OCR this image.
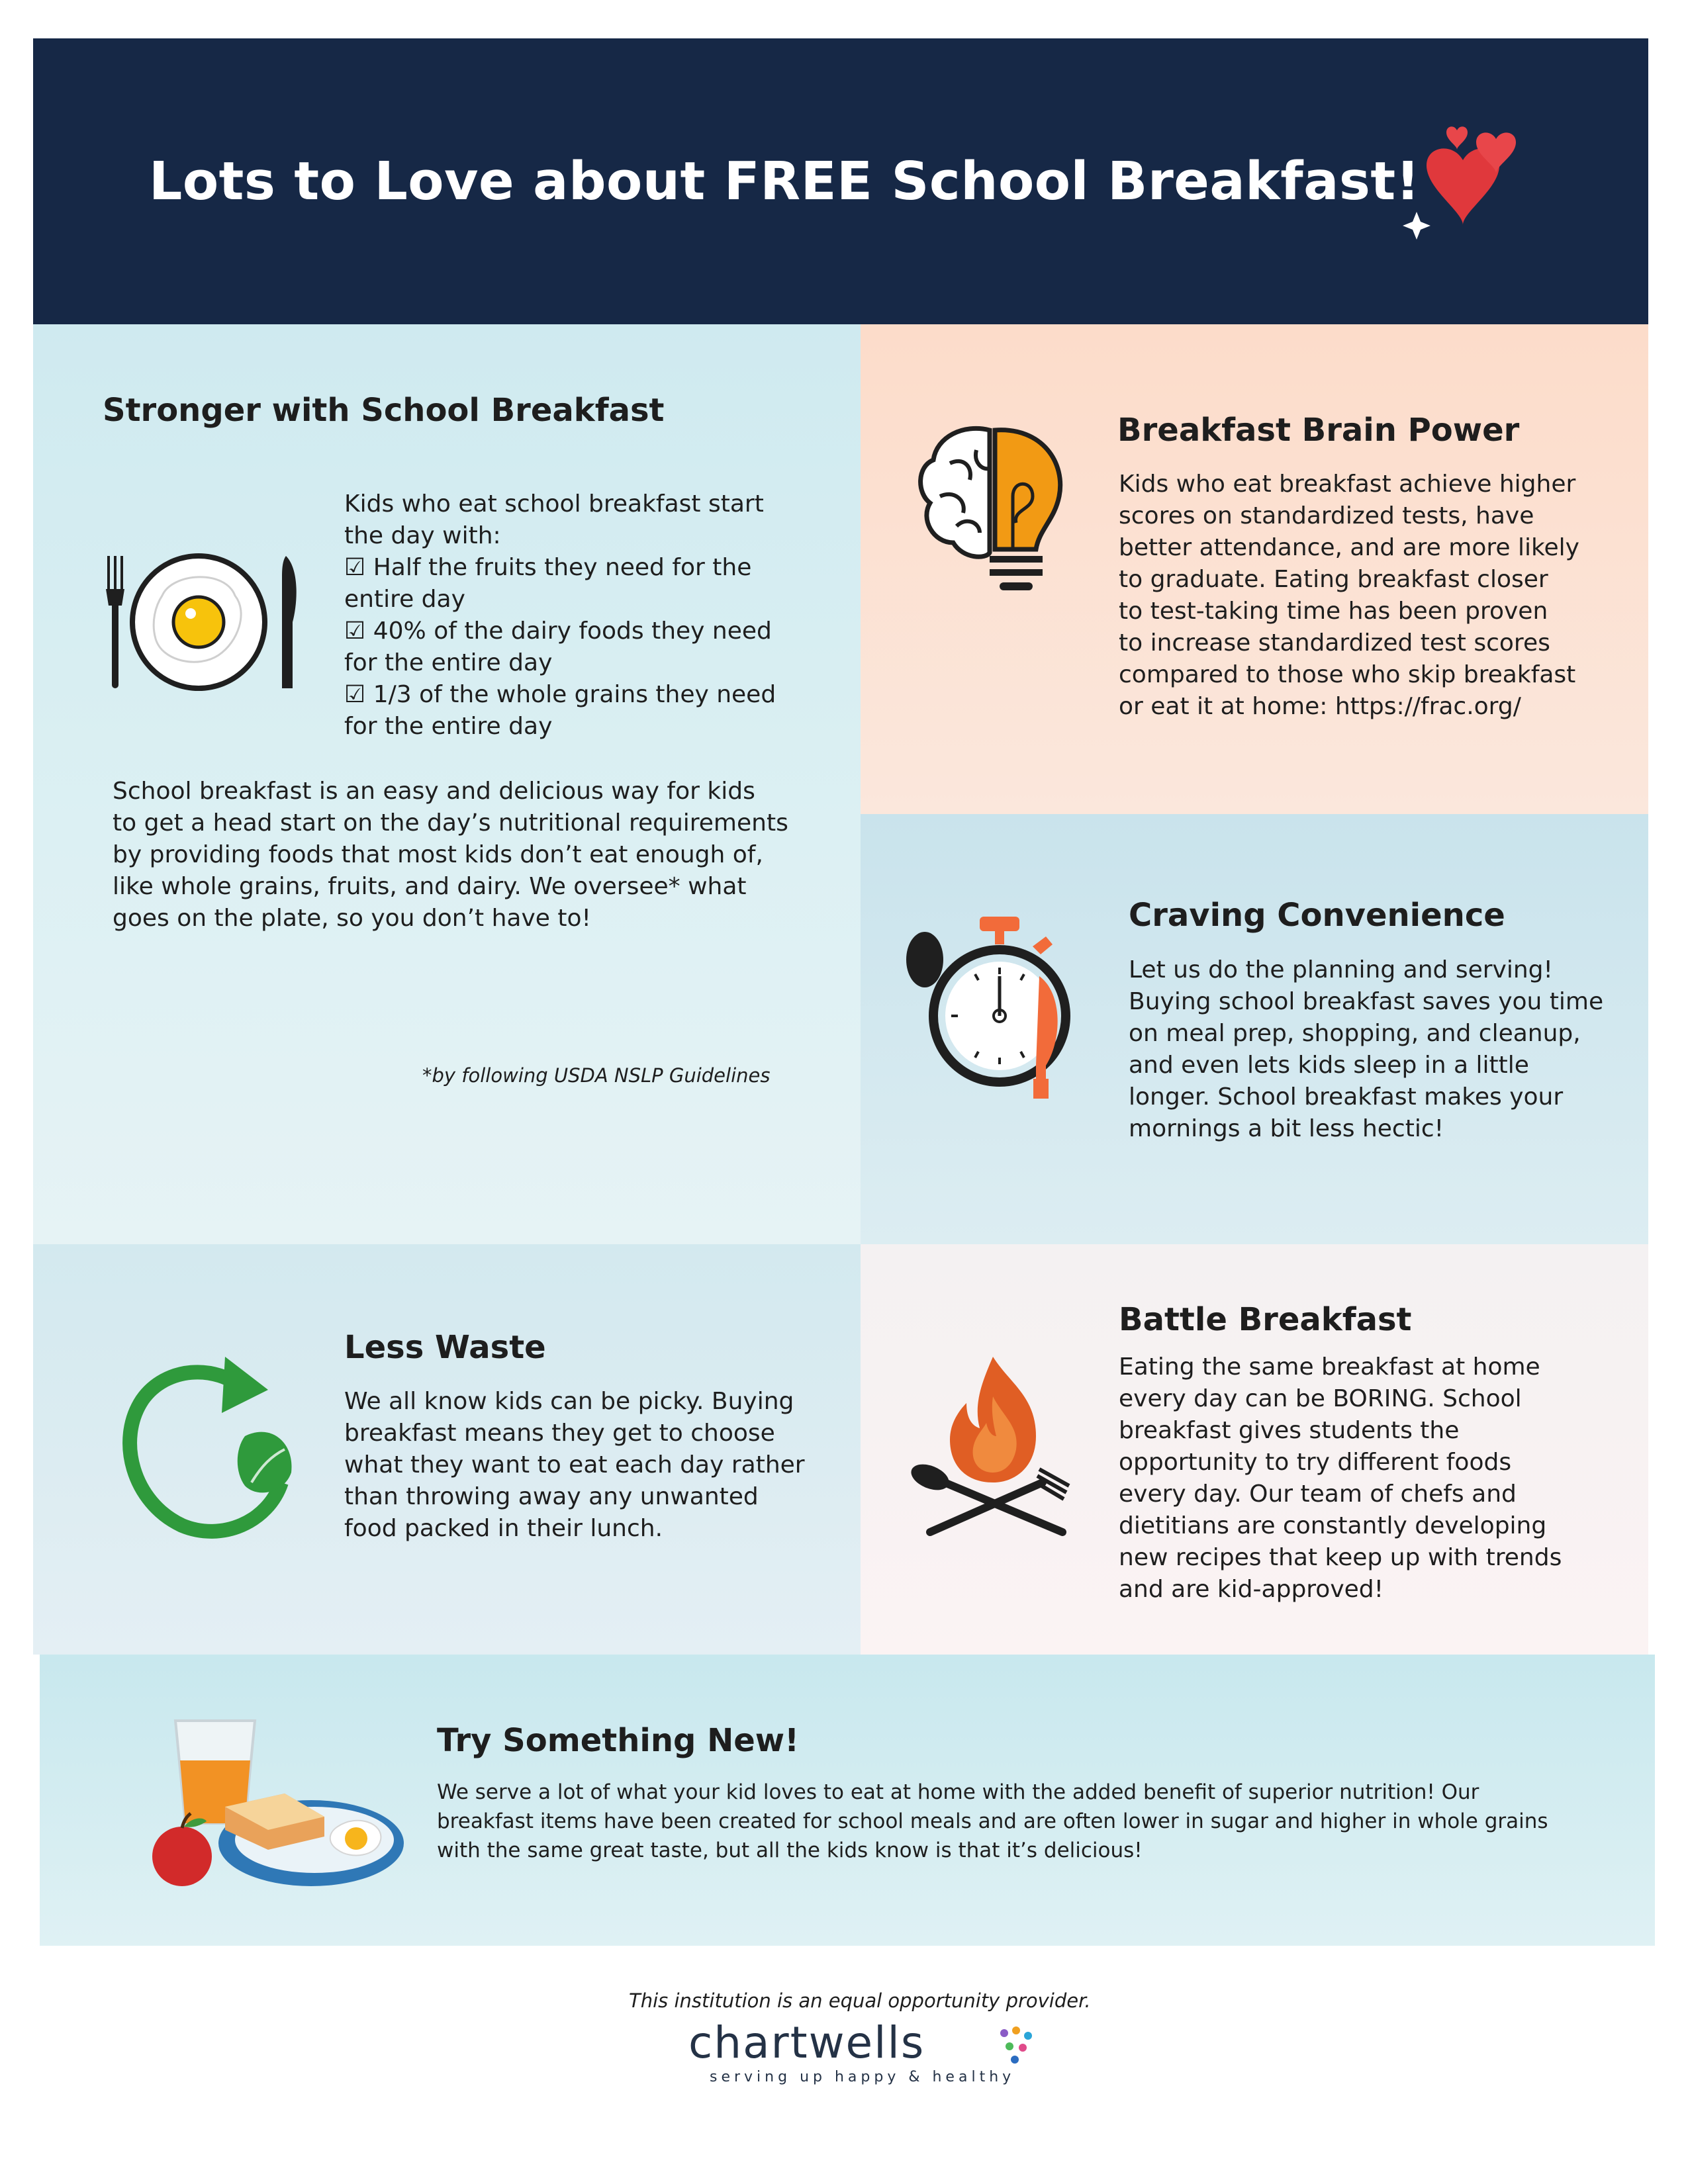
Lots to Love about FREE School Breakfast!
Stronger with School Breakfast

Kids who eat school breakfast start

the day with:

☑ Half the fruits they need for the

entire day

☑ 40% of the dairy foods they need

for the entire day

☑ 1/3 of the whole grains they need

for the entire day

School breakfast is an easy and delicious way for kids

to get a head start on the day’s nutritional requirements

by providing foods that most kids don’t eat enough of,

like whole grains, fruits, and dairy. We oversee* what

goes on the plate, so you don’t have to!

*by following USDA NSLP Guidelines
Breakfast Brain Power

Kids who eat breakfast achieve higher

scores on standardized tests, have

better attendance, and are more likely

to graduate. Eating breakfast closer

to test-taking time has been proven

to increase standardized test scores

compared to those who skip breakfast

or eat it at home: https://frac.org/

Craving Convenience

Let us do the planning and serving!

Buying school breakfast saves you time

on meal prep, shopping, and cleanup,

and even lets kids sleep in a little

longer. School breakfast makes your

mornings a bit less hectic!

Less Waste

We all know kids can be picky. Buying

breakfast means they get to choose

what they want to eat each day rather

than throwing away any unwanted

food packed in their lunch.

Battle Breakfast

Eating the same breakfast at home

every day can be BORING. School

breakfast gives students the

opportunity to try different foods

every day. Our team of chefs and

dietitians are constantly developing

new recipes that keep up with trends

and are kid-approved!

Try Something New!

We serve a lot of what your kid loves to eat at home with the added benefit of superior nutrition! Our

breakfast items have been created for school meals and are often lower in sugar and higher in whole grains

with the same great taste, but all the kids know is that it’s delicious!

This institution is an equal opportunity provider.
chartwells
serving up happy & healthy
